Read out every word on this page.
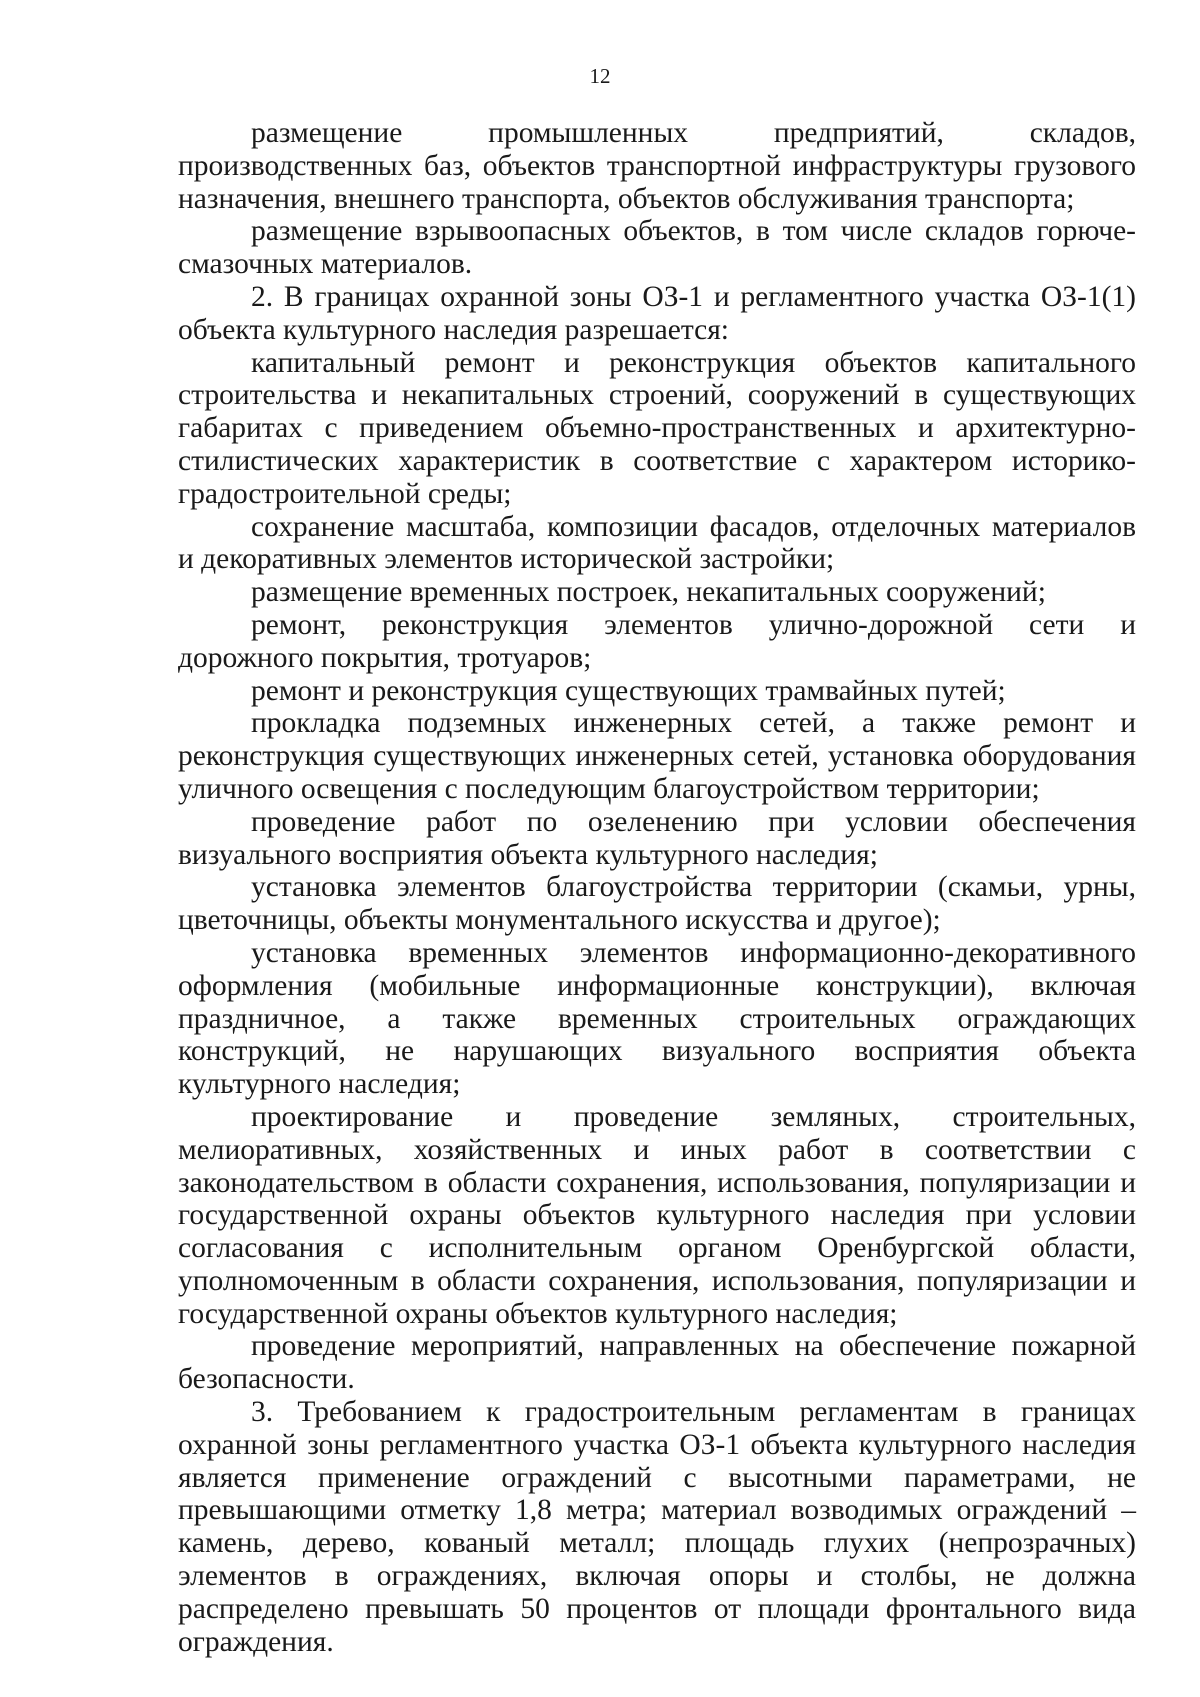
12

размещение промышленных предприятий, складов, производственных баз, объектов транспортной инфраструктуры грузового назначения, внешнего транспорта, объектов обслуживания транспорта;

размещение взрывоопасных объектов, в том числе складов горюче-смазочных материалов.

2. В границах охранной зоны ОЗ-1 и регламентного участка ОЗ-1(1) объекта культурного наследия разрешается:

капитальный ремонт и реконструкция объектов капитального строительства и некапитальных строений, сооружений в существующих габаритах с приведением объемно-пространственных и архитектурно-стилистических характеристик в соответствие с характером историко-градостроительной среды;

сохранение масштаба, композиции фасадов, отделочных материалов и декоративных элементов исторической застройки;

размещение временных построек, некапитальных сооружений;

ремонт, реконструкция элементов улично-дорожной сети и дорожного покрытия, тротуаров;

ремонт и реконструкция существующих трамвайных путей;

прокладка подземных инженерных сетей, а также ремонт и реконструкция существующих инженерных сетей, установка оборудования уличного освещения с последующим благоустройством территории;

проведение работ по озеленению при условии обеспечения визуального восприятия объекта культурного наследия;

установка элементов благоустройства территории (скамьи, урны, цветочницы, объекты монументального искусства и другое);

установка временных элементов информационно-декоративного оформления (мобильные информационные конструкции), включая праздничное, а также временных строительных ограждающих конструкций, не нарушающих визуального восприятия объекта культурного наследия;

проектирование и проведение земляных, строительных, мелиоративных, хозяйственных и иных работ в соответствии с законодательством в области сохранения, использования, популяризации и государственной охраны объектов культурного наследия при условии согласования с исполнительным органом Оренбургской области, уполномоченным в области сохранения, использования, популяризации и государственной охраны объектов культурного наследия;

проведение мероприятий, направленных на обеспечение пожарной безопасности.

3. Требованием к градостроительным регламентам в границах охранной зоны регламентного участка ОЗ-1 объекта культурного наследия является применение ограждений с высотными параметрами, не превышающими отметку 1,8 метра; материал возводимых ограждений – камень, дерево, кованый металл; площадь глухих (непрозрачных) элементов в ограждениях, включая опоры и столбы, не должна распределено превышать 50 процентов от площади фронтального вида ограждения.
